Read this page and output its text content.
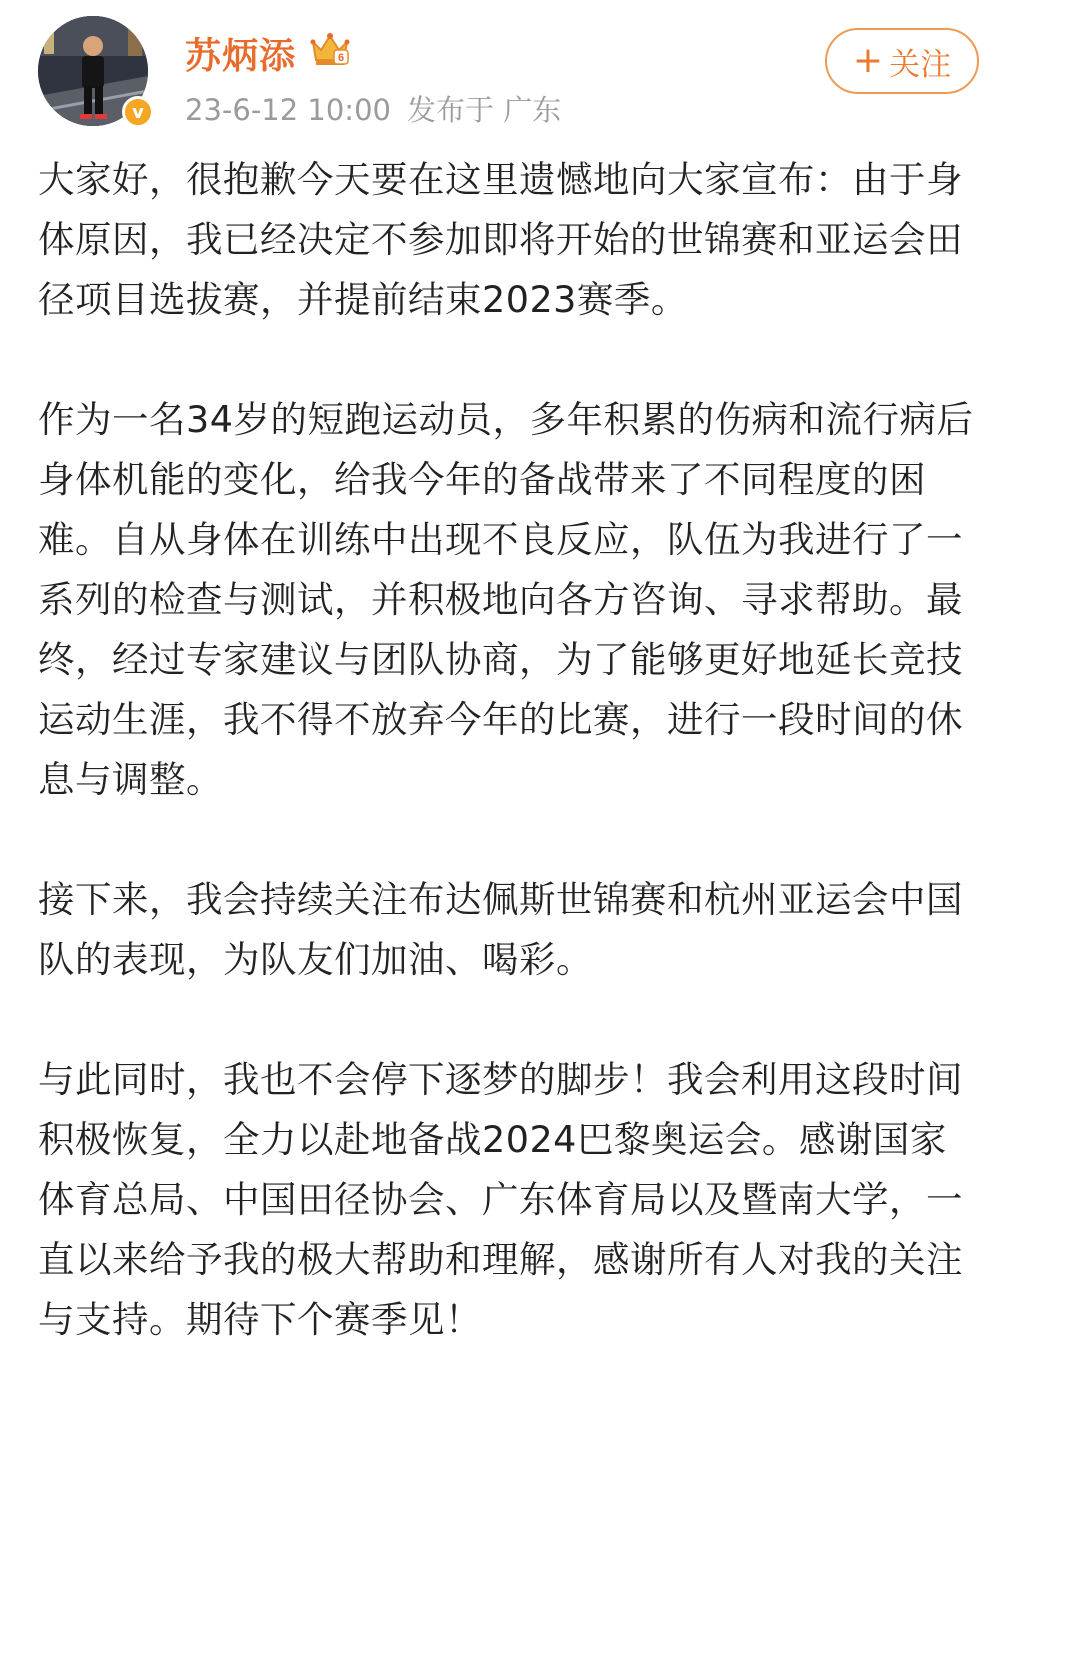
v
苏炳添	6
23-6-12 10:00 发布于 广东
+ 关注

大家好，很抱歉今天要在这里遗憾地向大家宣布：由于身体原因，我已经决定不参加即将开始的世锦赛和亚运会田径项目选拔赛，并提前结束2023赛季。

作为一名34岁的短跑运动员，多年积累的伤病和流行病后身体机能的变化，给我今年的备战带来了不同程度的困难。自从身体在训练中出现不良反应，队伍为我进行了一系列的检查与测试，并积极地向各方咨询、寻求帮助。最终，经过专家建议与团队协商，为了能够更好地延长竞技运动生涯，我不得不放弃今年的比赛，进行一段时间的休息与调整。

接下来，我会持续关注布达佩斯世锦赛和杭州亚运会中国队的表现，为队友们加油、喝彩。

与此同时，我也不会停下逐梦的脚步！我会利用这段时间积极恢复，全力以赴地备战2024巴黎奥运会。感谢国家体育总局、中国田径协会、广东体育局以及暨南大学，一直以来给予我的极大帮助和理解，感谢所有人对我的关注与支持。期待下个赛季见！
